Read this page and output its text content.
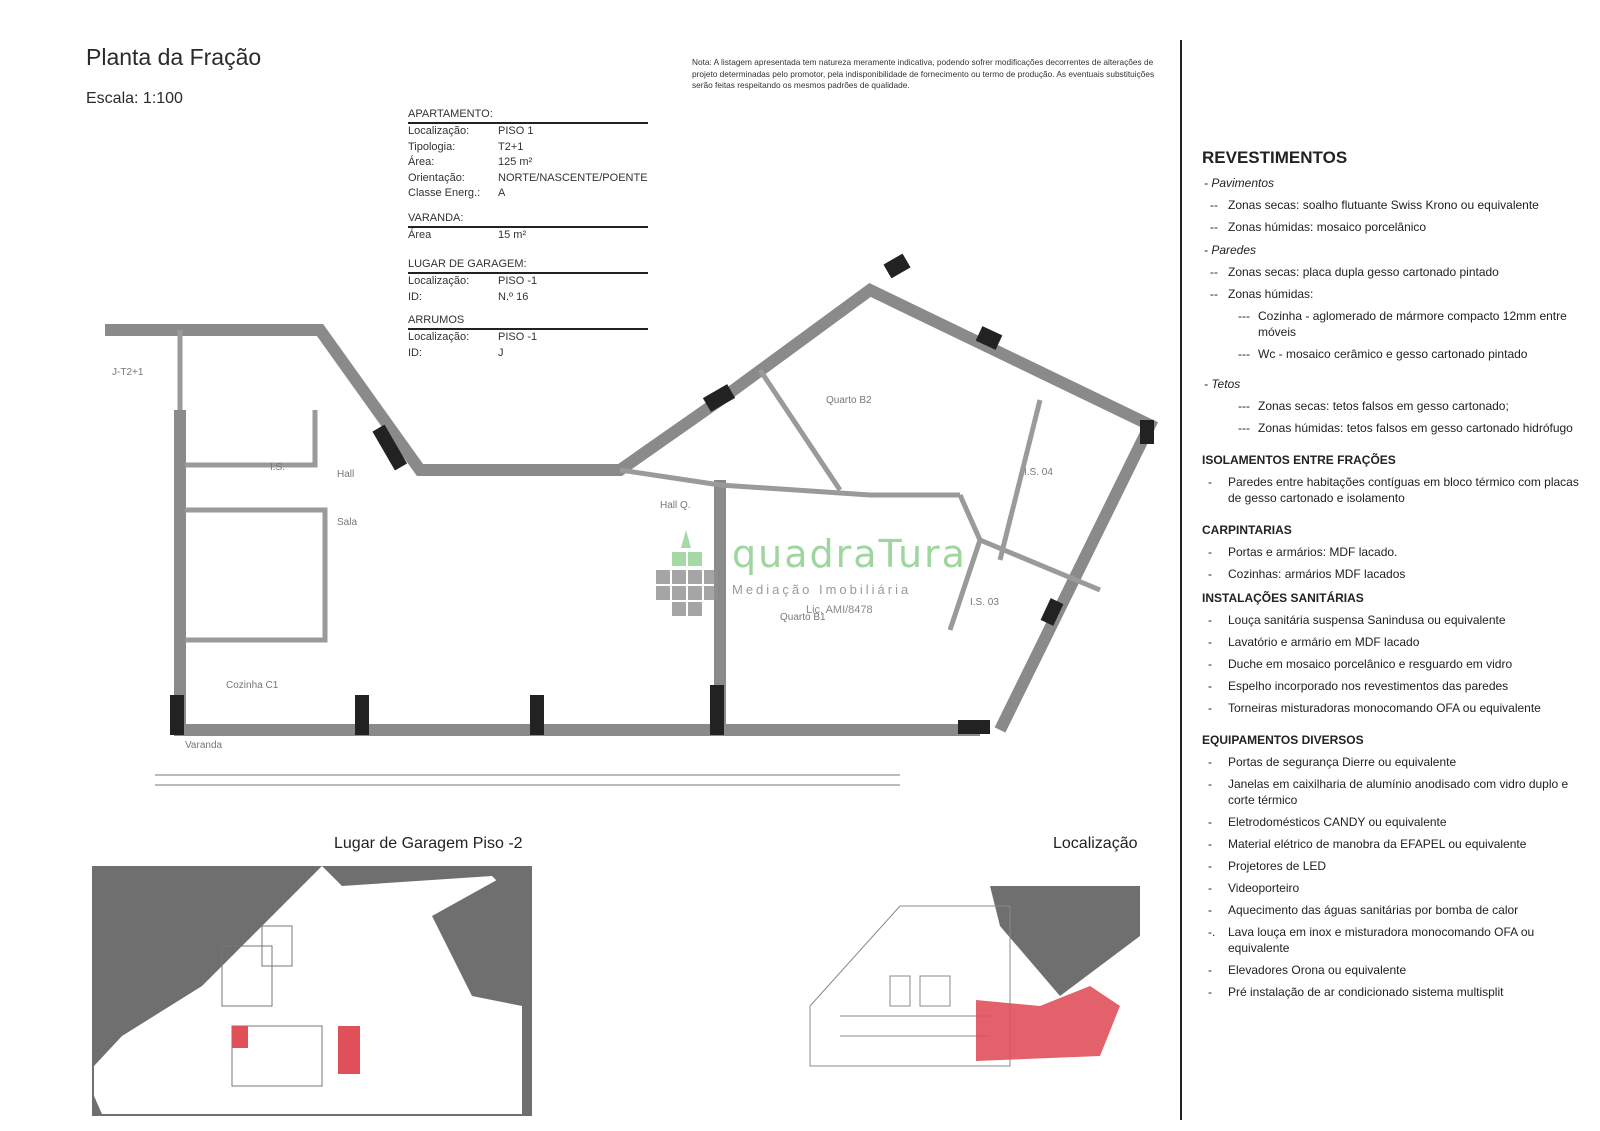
Planta da Fração
Escala: 1:100
Nota: A listagem apresentada tem natureza meramente indicativa, podendo sofrer modificações decorrentes de alterações de projeto determinadas pelo promotor, pela indisponibilidade de fornecimento ou termo de produção. As eventuais substituições serão feitas respeitando os mesmos padrões de qualidade.
APARTAMENTO:
Localização:	PISO 1
Tipologia:	T2+1
Área:	125 m²
Orientação:	NORTE/NASCENTE/POENTE
Classe Energ.:	A
VARANDA:
Área	15 m²
LUGAR DE GARAGEM:
Localização:	PISO -1
ID:	N.º 16
ARRUMOS
Localização:	PISO -1
ID:	J
J-T2+1
Hall
Sala
I.S.
Cozinha C1
Varanda
Quarto B2
Hall Q.
I.S. 04
I.S. 03
Quarto B1
quadraTura
Mediação Imobiliária
Lic. AMI/8478
Lugar de Garagem Piso -2	Localização
REVESTIMENTOS
- Pavimentos
-- Zonas secas: soalho flutuante Swiss Krono ou equivalente
-- Zonas húmidas: mosaico porcelânico
- Paredes
-- Zonas secas: placa dupla gesso cartonado pintado
-- Zonas húmidas:
--- Cozinha - aglomerado de mármore compacto 12mm entre móveis
--- Wc - mosaico cerâmico e gesso cartonado pintado
- Tetos
--- Zonas secas: tetos falsos em gesso cartonado;
--- Zonas húmidas: tetos falsos em gesso cartonado hidrófugo
ISOLAMENTOS ENTRE FRAÇÕES
-	Paredes entre habitações contíguas em bloco térmico com placas de gesso cartonado e isolamento
CARPINTARIAS
-	Portas e armários: MDF lacado.
-	Cozinhas: armários MDF lacados
INSTALAÇÕES SANITÁRIAS
-	Louça sanitária suspensa Sanindusa ou equivalente
-	Lavatório e armário em MDF lacado
-	Duche em mosaico porcelânico e resguardo em vidro
-	Espelho incorporado nos revestimentos das paredes
-	Torneiras misturadoras monocomando OFA ou equivalente
EQUIPAMENTOS DIVERSOS
-	Portas de segurança Dierre ou equivalente
-	Janelas em caixilharia de alumínio anodisado com vidro duplo e corte térmico
-	Eletrodomésticos CANDY ou equivalente
-	Material elétrico de manobra da EFAPEL ou equivalente
-	Projetores de LED
-	Videoporteiro
-	Aquecimento das águas sanitárias por bomba de calor
-.	Lava louça em inox e misturadora monocomando OFA ou equivalente
-	Elevadores Orona ou equivalente
-	Pré instalação de ar condicionado sistema multisplit
